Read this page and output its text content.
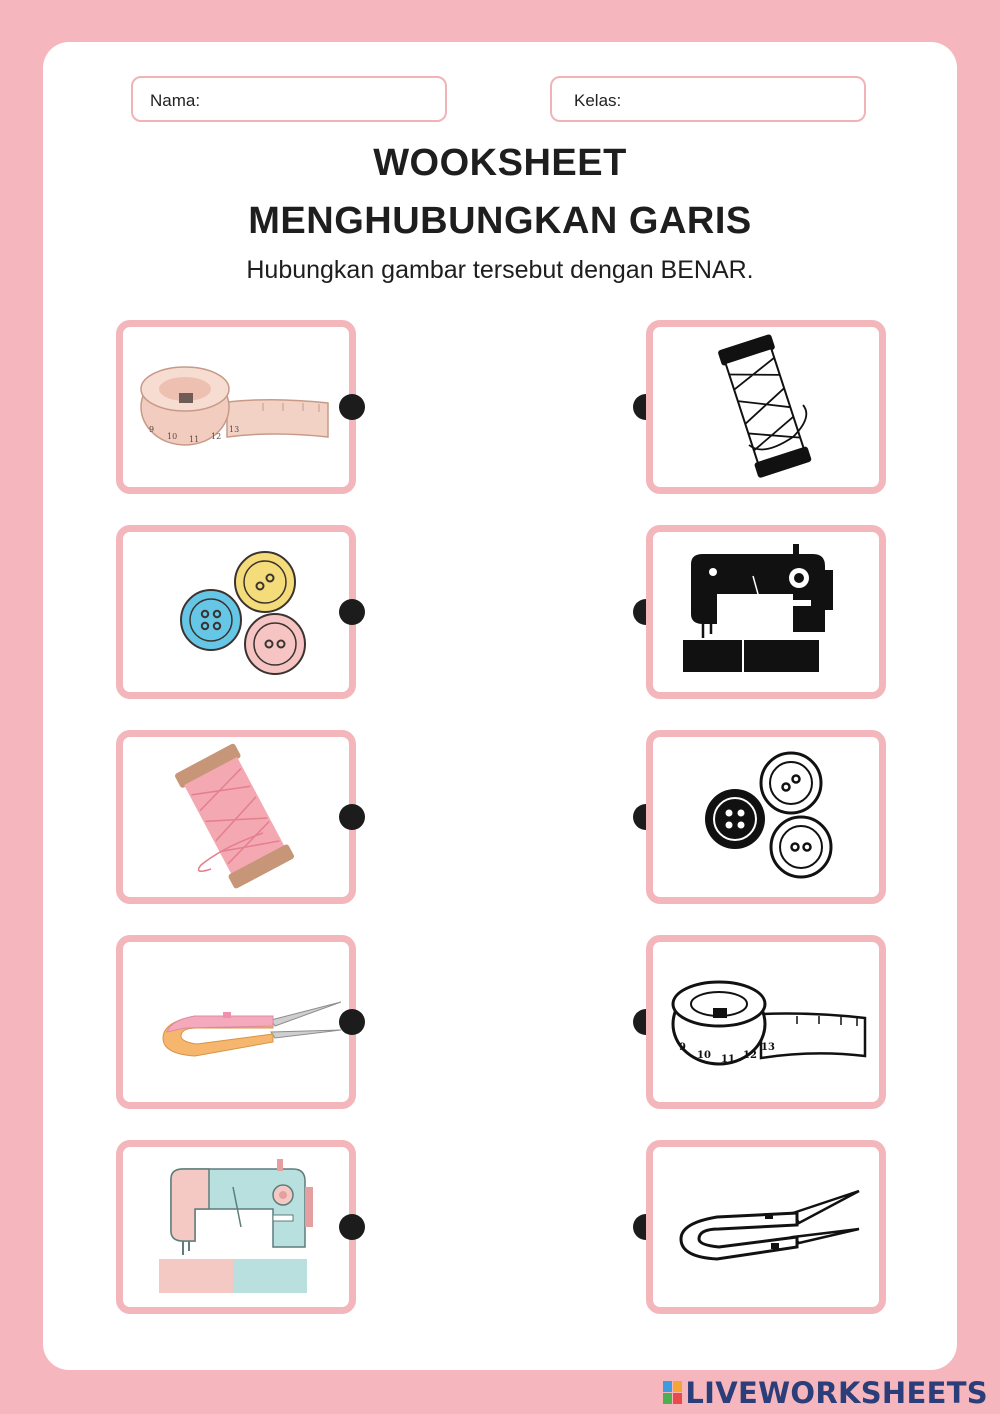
Nama:	Kelas:
WOOKSHEET
MENGHUBUNGKAN GARIS
Hubungkan gambar tersebut dengan BENAR.
9
10 11 12
13
9
10 11 12
13
LIVEWORKSHEETS
